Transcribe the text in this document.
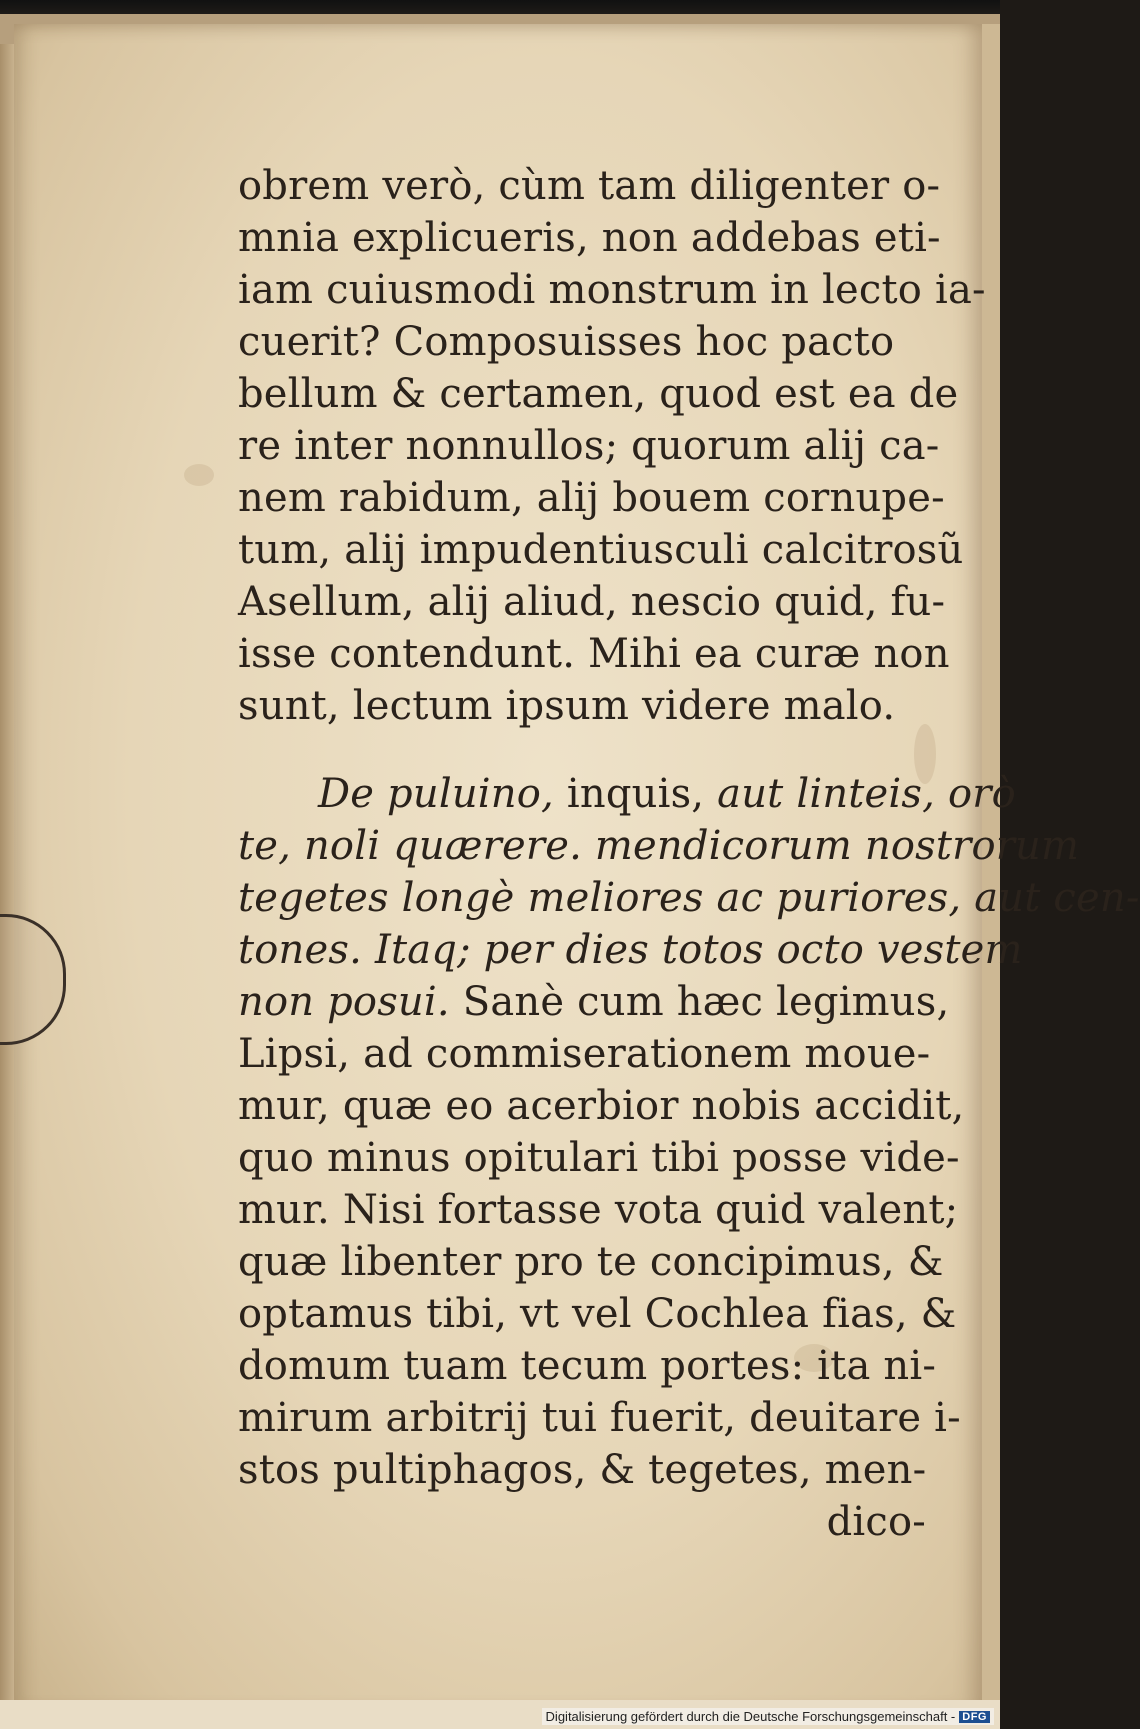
obrem verò, cùm tam diligenter o-
mnia explicueris, non addebas eti-
iam cuiusmodi monstrum in lecto ia-
cuerit? Composuisses hoc pacto
bellum & certamen, quod est ea de
re inter nonnullos; quorum alij ca-
nem rabidum, alij bouem cornupe-
tum, alij impudentiusculi calcitrosũ
Asellum, alij aliud, nescio quid, fu-
isse contendunt. Mihi ea curæ non
sunt, lectum ipsum videre malo.
De puluino, inquis, aut linteis, orò
te, noli quærere. mendicorum nostrorum
tegetes longè meliores ac puriores, aut cen-
tones. Itaq; per dies totos octo vestem
non posui. Sanè cum hæc legimus,
Lipsi, ad commiserationem moue-
mur, quæ eo acerbior nobis accidit,
quo minus opitulari tibi posse vide-
mur. Nisi fortasse vota quid valent;
quæ libenter pro te concipimus, &
optamus tibi, vt vel Cochlea fias, &
domum tuam tecum portes: ita ni-
mirum arbitrij tui fuerit, deuitare i-
stos pultiphagos, & tegetes, men-
dico-
Digitalisierung gefördert durch die Deutsche Forschungsgemeinschaft - DFG
